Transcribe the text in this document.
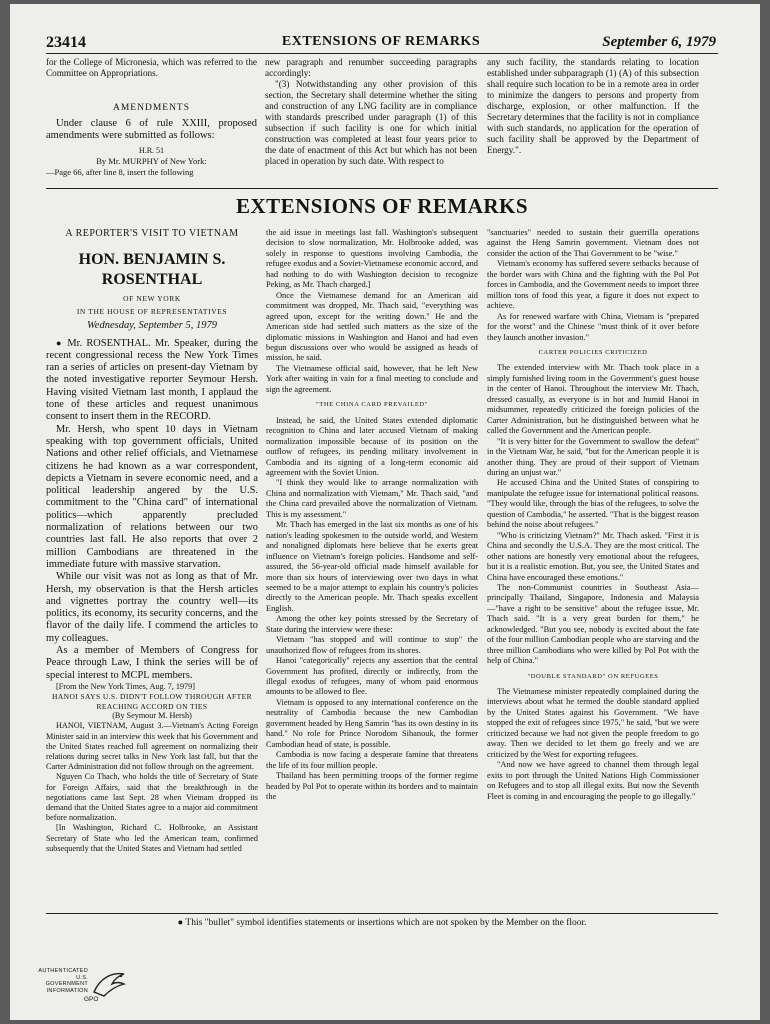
23414	EXTENSIONS OF REMARKS	September 6, 1979

for the College of Micronesia, which was referred to the Committee on Appropriations.

AMENDMENTS

Under clause 6 of rule XXIII, proposed amendments were submitted as follows:

H.R. 51

By Mr. MURPHY of New York:

—Page 66, after line 8, insert the following

new paragraph and renumber succeeding paragraphs accordingly:

"(3) Notwithstanding any other provision of this section, the Secretary shall determine whether the siting and construction of any LNG facility are in compliance with standards prescribed under paragraph (1) of this subsection if such facility is one for which initial construction was completed at least four years prior to the date of enactment of this Act but which has not been placed in operation by such date. With respect to

any such facility, the standards relating to location established under subparagraph (1) (A) of this subsection shall require such location to be in a remote area in order to minimize the dangers to persons and property from discharge, explosion, or other malfunction. If the Secretary determines that the facility is not in compliance with such standards, no application for the operation of such facility shall be approved by the Department of Energy.".

EXTENSIONS OF REMARKS
A REPORTER'S VISIT TO VIETNAM
HON. BENJAMIN S. ROSENTHAL
OF NEW YORK
IN THE HOUSE OF REPRESENTATIVES
Wednesday, September 5, 1979

● Mr. ROSENTHAL. Mr. Speaker, during the recent congressional recess the New York Times ran a series of articles on present-day Vietnam by the noted investigative reporter Seymour Hersh. Having visited Vietnam last month, I applaud the tone of these articles and request unanimous consent to insert them in the RECORD.

Mr. Hersh, who spent 10 days in Vietnam speaking with top government officials, United Nations and other relief officials, and Vietnamese citizens he had known as a war correspondent, depicts a Vietnam in severe economic need, and a political leadership angered by the U.S. commitment to the "China card" of international politics—which apparently precluded normalization of relations between our two countries last fall. He also reports that over 2 million Cambodians are threatened in the immediate future with massive starvation.

While our visit was not as long as that of Mr. Hersh, my observation is that the Hersh articles and vignettes portray the country well—its politics, its economy, its security concerns, and the flavor of the daily life. I commend the articles to my colleagues.

As a member of Members of Congress for Peace through Law, I think the series will be of special interest to MCPL members.

[From the New York Times, Aug. 7, 1979]

HANOI SAYS U.S. DIDN'T FOLLOW THROUGH AFTER REACHING ACCORD ON TIES

(By Seymour M. Hersh)

HANOI, VIETNAM, August 3.—Vietnam's Acting Foreign Minister said in an interview this week that his Government and the United States reached full agreement on normalizing their relations during secret talks in New York last fall, but that the Carter Administration did not follow through on the agreement.

Nguyen Co Thach, who holds the title of Secretary of State for Foreign Affairs, said that the breakthrough in the negotiations came last Sept. 28 when Vietnam dropped its demand that the United States agree to a major aid commitment before normalization.

[In Washington, Richard C. Holbrooke, an Assistant Secretary of State who led the American team, confirmed subsequently that the United States and Vietnam had settled

the aid issue in meetings last fall. Washington's subsequent decision to slow normalization, Mr. Holbrooke added, was solely in response to questions involving Cambodia, the refugee exodus and a Soviet-Vietnamese economic accord, and had nothing to do with Washington decision to recognize Peking, as Mr. Thach charged.]

Once the Vietnamese demand for an American aid commitment was dropped, Mr. Thach said, "everything was agreed upon, except for the writing down." He and the American side had settled such matters as the size of the diplomatic missions in Washington and Hanoi and had even begun discussions over who would be assigned as heads of mission, he said.

The Vietnamese official said, however, that he left New York after waiting in vain for a final meeting to conclude and sign the agreement.

"THE CHINA CARD PREVAILED"

Instead, he said, the United States extended diplomatic recognition to China and later accused Vietnam of making normalization impossible because of its position on the outflow of refugees, its pending military involvement in Cambodia and its signing of a long-term economic aid agreement with the Soviet Union.

"I think they would like to arrange normalization with China and normalization with Vietnam," Mr. Thach said, "and the China card prevailed above the normalization of Vietnam. This is my assessment."

Mr. Thach has emerged in the last six months as one of his nation's leading spokesmen to the outside world, and Western and nonaligned diplomats here believe that he exerts great influence on Vietnam's foreign policies. Handsome and self-assured, the 56-year-old official made himself available for more than six hours of interviewing over two days in what seemed to be a major attempt to explain his country's policies directly to the American people. Mr. Thach speaks excellent English.

Among the other key points stressed by the Secretary of State during the interview were these:

Vietnam "has stopped and will continue to stop" the unauthorized flow of refugees from its shores.

Hanoi "categorically" rejects any assertion that the central Government has profited, directly or indirectly, from the illegal exodus of refugees, many of whom paid enormous amounts to be allowed to flee.

Vietnam is opposed to any international conference on the neutrality of Cambodia because the new Cambodian government headed by Heng Samrin "has its own destiny in its hand." No role for Prince Norodom Sihanouk, the former Cambodian head of state, is possible.

Cambodia is now facing a desperate famine that threatens the life of its four million people.

Thailand has been permitting troops of the former regime headed by Pol Pot to operate within its borders and to maintain the

"sanctuaries" needed to sustain their guerrilla operations against the Heng Samrin government. Vietnam does not consider the action of the Thai Government to be "wise."

Vietnam's economy has suffered severe setbacks because of the border wars with China and the fighting with the Pol Pot forces in Cambodia, and the Government needs to import three million tons of food this year, a figure it does not expect to achieve.

As for renewed warfare with China, Vietnam is "prepared for the worst" and the Chinese "must think of it over before they launch another invasion."

CARTER POLICIES CRITICIZED

The extended interview with Mr. Thach took place in a simply furnished living room in the Government's guest house in the center of Hanoi. Throughout the interview Mr. Thach, dressed casually, as everyone is in hot and humid Hanoi in midsummer, repeatedly criticized the foreign policies of the Carter Administration, but he distinguished between what he called the Government and the American people.

"It is very bitter for the Government to swallow the defeat" in the Vietnam War, he said, "but for the American people it is another thing. They are proud of their support of Vietnam during an unjust war."

He accused China and the United States of conspiring to manipulate the refugee issue for international political reasons. "They would like, through the bias of the refugees, to solve the question of Cambodia," he asserted. "That is the biggest reason behind the noise about refugees."

"Who is criticizing Vietnam?" Mr. Thach asked. "First it is China and secondly the U.S.A. They are the most critical. The other nations are honestly very emotional about the refugees, but it is a realistic emotion. But, you see, the United States and China have encouraged these emotions."

The non-Communist countries in Southeast Asia—principally Thailand, Singapore, Indonesia and Malaysia—"have a right to be sensitive" about the refugee issue, Mr. Thach said. "It is a very great burden for them," he acknowledged. "But you see, nobody is excited about the fate of the four million Cambodian people who are starving and the three million Cambodians who were killed by Pol Pot with the help of China."

"DOUBLE STANDARD" ON REFUGEES

The Vietnamese minister repeatedly complained during the interviews about what he termed the double standard applied by the United States against his Government. "We have stopped the exit of refugees since 1975," he said, "but we were criticized because we had not given the people freedom to go away. Then we decided to let them go freely and we are criticized by the West for exporting refugees.

"And now we have agreed to channel them through legal exits to port through the United Nations High Commissioner on Refugees and to stop all illegal exits. But now the Seventh Fleet is coming in and encouraging the people to go illegally."

● This "bullet" symbol identifies statements or insertions which are not spoken by the Member on the floor.
AUTHENTICATED
U.S. GOVERNMENT
INFORMATION
GPO
